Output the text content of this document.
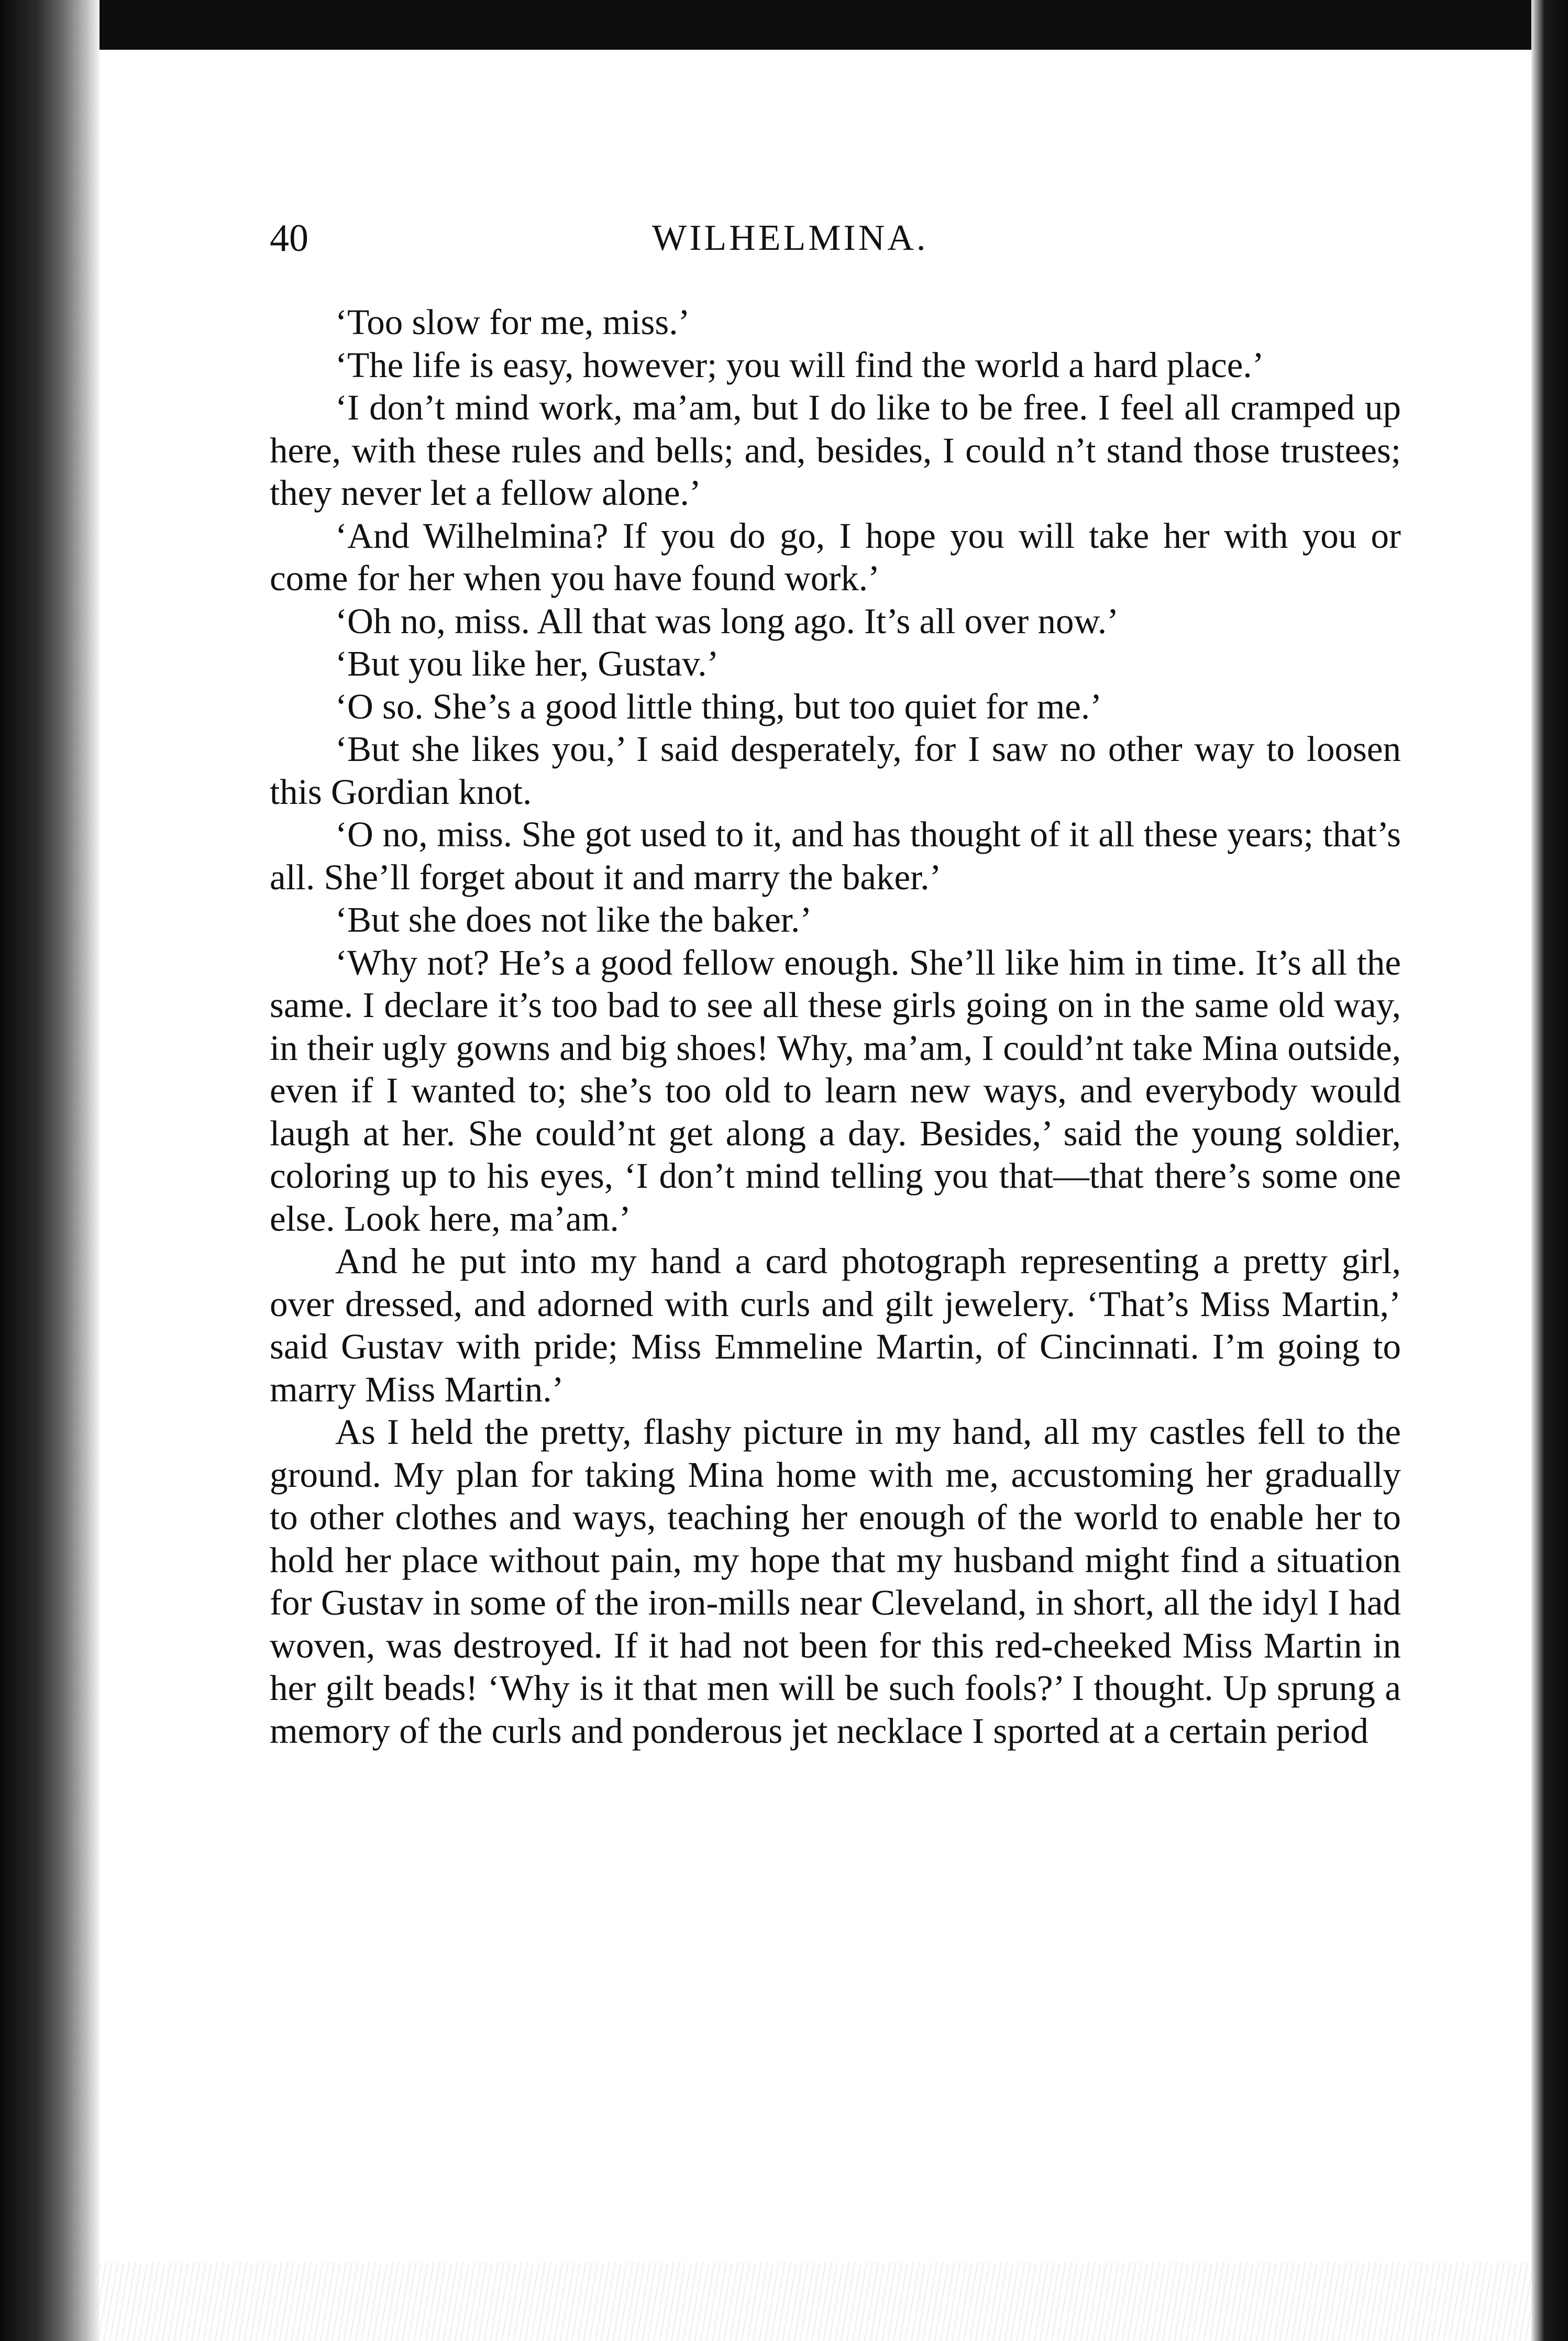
40	WILHELMINA.

‘Too slow for me, miss.’

‘The life is easy, however; you will find the world a hard place.’

‘I don’t mind work, ma’am, but I do like to be free. I feel all cramped up here, with these rules and bells; and, besides, I could n’t stand those trustees; they never let a fellow alone.’

‘And Wilhelmina? If you do go, I hope you will take her with you or come for her when you have found work.’

‘Oh no, miss. All that was long ago. It’s all over now.’

‘But you like her, Gustav.’

‘O so. She’s a good little thing, but too quiet for me.’

‘But she likes you,’ I said desperately, for I saw no other way to loosen this Gordian knot.

‘O no, miss. She got used to it, and has thought of it all these years; that’s all. She’ll forget about it and marry the baker.’

‘But she does not like the baker.’

‘Why not? He’s a good fellow enough. She’ll like him in time. It’s all the same. I declare it’s too bad to see all these girls going on in the same old way, in their ugly gowns and big shoes! Why, ma’am, I could’nt take Mina outside, even if I wanted to; she’s too old to learn new ways, and everybody would laugh at her. She could’nt get along a day. Besides,’ said the young soldier, coloring up to his eyes, ‘I don’t mind telling you that—that there’s some one else. Look here, ma’am.’

And he put into my hand a card photograph representing a pretty girl, over dressed, and adorned with curls and gilt jewelery. ‘That’s Miss Martin,’ said Gustav with pride; Miss Emmeline Martin, of Cincinnati. I’m going to marry Miss Martin.’

As I held the pretty, flashy picture in my hand, all my castles fell to the ground. My plan for taking Mina home with me, accustoming her gradually to other clothes and ways, teaching her enough of the world to enable her to hold her place without pain, my hope that my husband might find a situation for Gustav in some of the iron-mills near Cleveland, in short, all the idyl I had woven, was destroyed. If it had not been for this red-cheeked Miss Martin in her gilt beads! ‘Why is it that men will be such fools?’ I thought. Up sprung a memory of the curls and ponderous jet necklace I sported at a certain period
